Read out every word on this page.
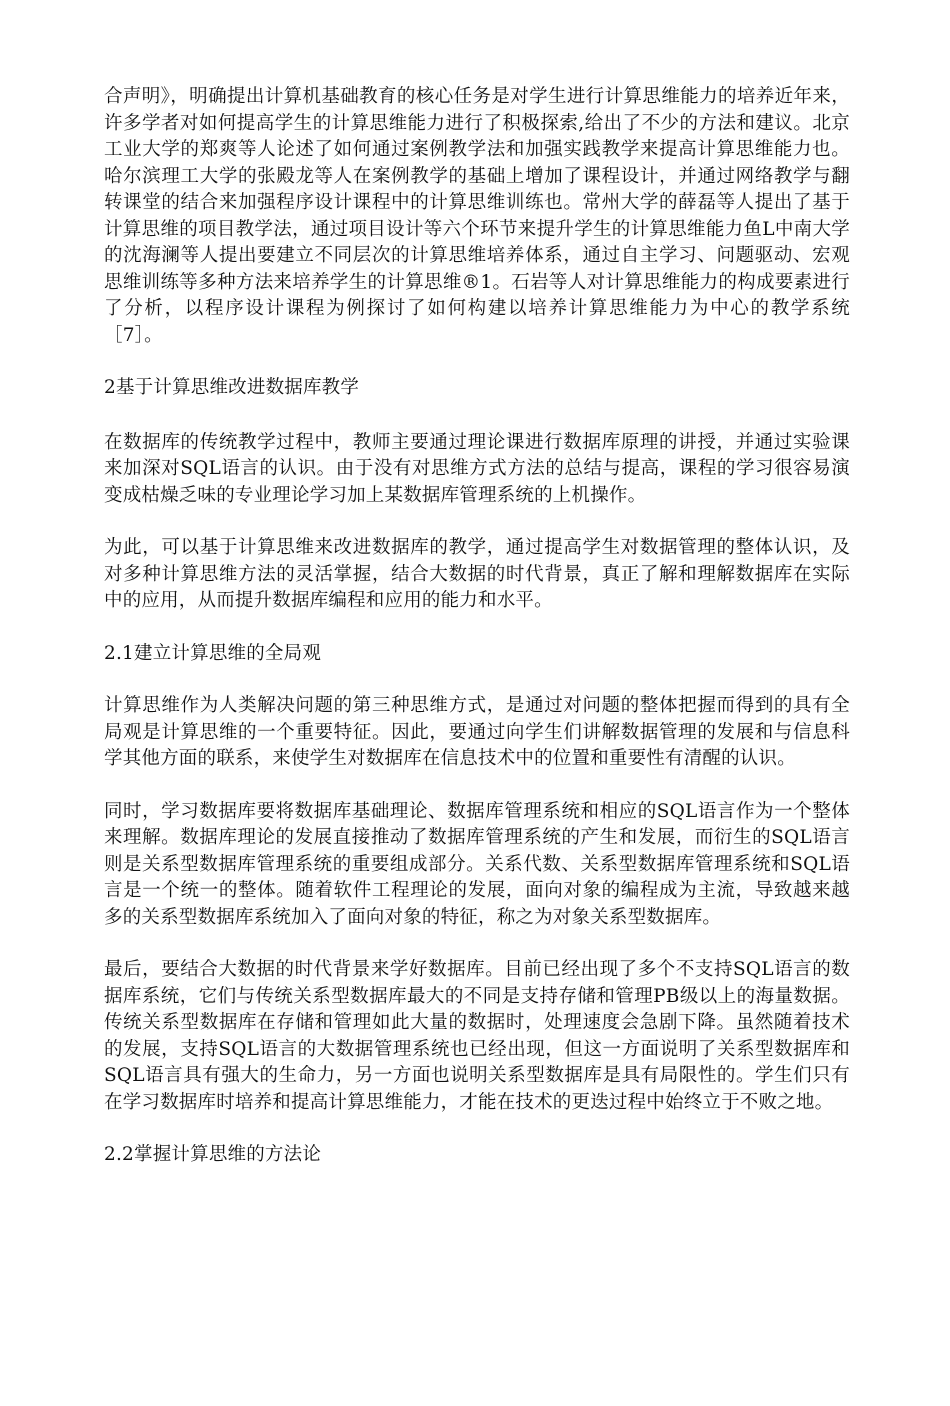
合声明》，明确提出计算机基础教育的核心任务是对学生进行计算思维能力的培养近年来，许多学者对如何提高学生的计算思维能力进行了积极探索,给出了不少的方法和建议。北京工业大学的郑爽等人论述了如何通过案例教学法和加强实践教学来提高计算思维能力也。哈尔滨理工大学的张殿龙等人在案例教学的基础上增加了课程设计，并通过网络教学与翻转课堂的结合来加强程序设计课程中的计算思维训练也。常州大学的薛磊等人提出了基于计算思维的项目教学法，通过项目设计等六个环节来提升学生的计算思维能力鱼L中南大学的沈海澜等人提出要建立不同层次的计算思维培养体系，通过自主学习、问题驱动、宏观思维训练等多种方法来培养学生的计算思维®1。石岩等人对计算思维能力的构成要素进行了分析，以程序设计课程为例探讨了如何构建以培养计算思维能力为中心的教学系统［7］。

2基于计算思维改进数据库教学

在数据库的传统教学过程中，教师主要通过理论课进行数据库原理的讲授，并通过实验课来加深对SQL语言的认识。由于没有对思维方式方法的总结与提高，课程的学习很容易演变成枯燥乏味的专业理论学习加上某数据库管理系统的上机操作。

为此，可以基于计算思维来改进数据库的教学，通过提高学生对数据管理的整体认识，及对多种计算思维方法的灵活掌握，结合大数据的时代背景，真正了解和理解数据库在实际中的应用，从而提升数据库编程和应用的能力和水平。

2.1建立计算思维的全局观

计算思维作为人类解决问题的第三种思维方式，是通过对问题的整体把握而得到的具有全局观是计算思维的一个重要特征。因此，要通过向学生们讲解数据管理的发展和与信息科学其他方面的联系，来使学生对数据库在信息技术中的位置和重要性有清醒的认识。

同时，学习数据库要将数据库基础理论、数据库管理系统和相应的SQL语言作为一个整体来理解。数据库理论的发展直接推动了数据库管理系统的产生和发展，而衍生的SQL语言则是关系型数据库管理系统的重要组成部分。关系代数、关系型数据库管理系统和SQL语言是一个统一的整体。随着软件工程理论的发展，面向对象的编程成为主流，导致越来越多的关系型数据库系统加入了面向对象的特征，称之为对象关系型数据库。

最后，要结合大数据的时代背景来学好数据库。目前已经出现了多个不支持SQL语言的数据库系统，它们与传统关系型数据库最大的不同是支持存储和管理PB级以上的海量数据。传统关系型数据库在存储和管理如此大量的数据时，处理速度会急剧下降。虽然随着技术的发展，支持SQL语言的大数据管理系统也已经出现，但这一方面说明了关系型数据库和SQL语言具有强大的生命力，另一方面也说明关系型数据库是具有局限性的。学生们只有在学习数据库时培养和提高计算思维能力，才能在技术的更迭过程中始终立于不败之地。

2.2掌握计算思维的方法论
